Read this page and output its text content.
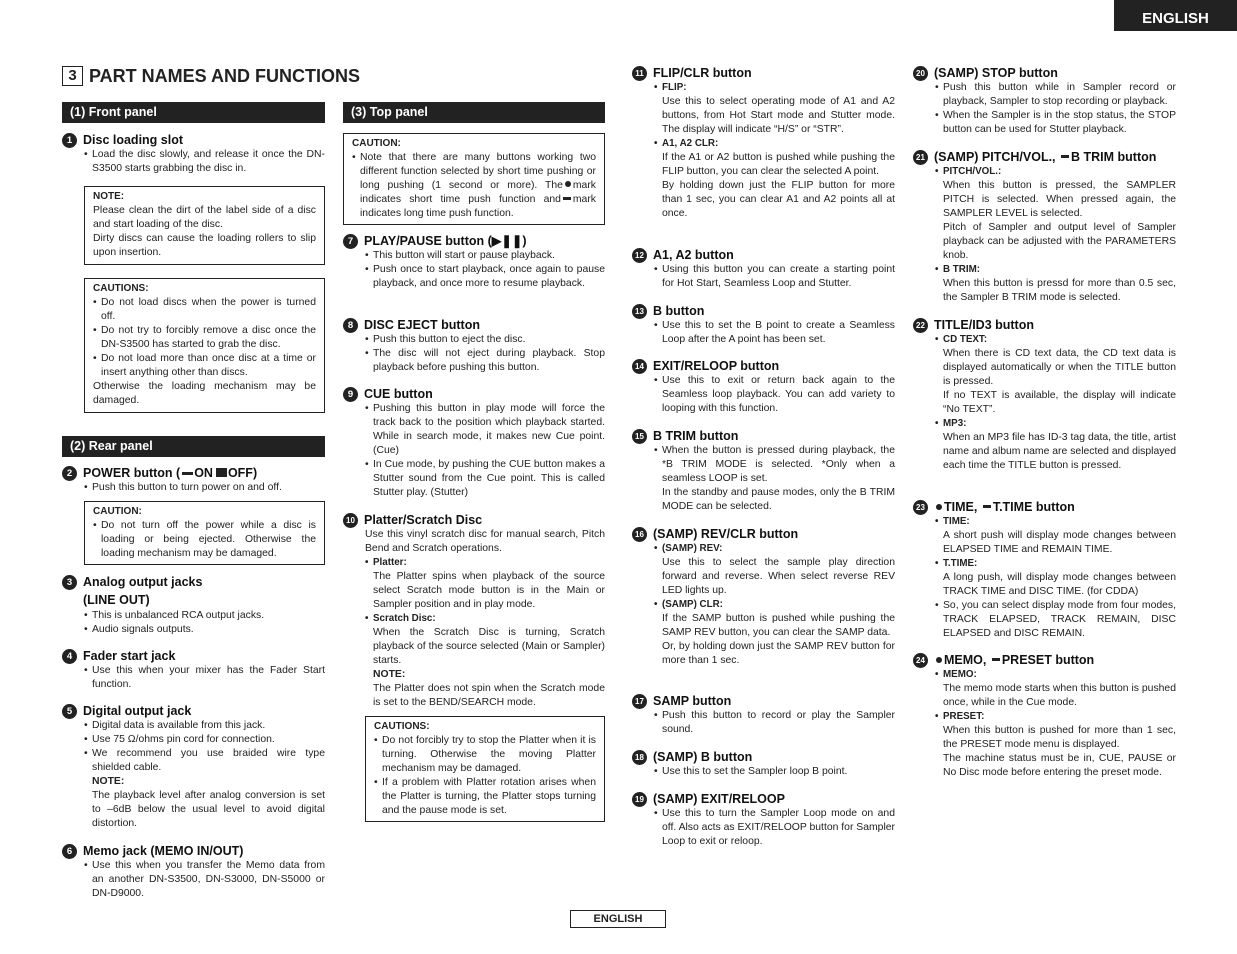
ENGLISH
3 PART NAMES AND FUNCTIONS
(1) Front panel
1 Disc loading slot
• Load the disc slowly, and release it once the DN-S3500 starts grabbing the disc in.
NOTE:
Please clean the dirt of the label side of a disc and start loading of the disc.
Dirty discs can cause the loading rollers to slip upon insertion.
CAUTIONS:
• Do not load discs when the power is turned off.
• Do not try to forcibly remove a disc once the DN-S3500 has started to grab the disc.
• Do not load more than once disc at a time or insert anything other than discs.
Otherwise the loading mechanism may be damaged.
(2) Rear panel
2 POWER button ( ON OFF)
• Push this button to turn power on and off.
CAUTION:
• Do not turn off the power while a disc is loading or being ejected. Otherwise the loading mechanism may be damaged.
3 Analog output jacks
(LINE OUT)
• This is unbalanced RCA output jacks.
• Audio signals outputs.
4 Fader start jack
• Use this when your mixer has the Fader Start function.
5 Digital output jack
• Digital data is available from this jack.
• Use 75 Ω/ohms pin cord for connection.
• We recommend you use braided wire type shielded cable.
NOTE:
The playback level after analog conversion is set to –6dB below the usual level to avoid digital distortion.
6 Memo jack (MEMO IN/OUT)
• Use this when you transfer the Memo data from an another DN-S3500, DN-S3000, DN-S5000 or DN-D9000.
(3) Top panel
CAUTION:
• Note that there are many buttons working two different function selected by short time pushing or long pushing (1 second or more). The mark indicates short time push function and mark indicates long time push function.
7 PLAY/PAUSE button (▶❚❚)
• This button will start or pause playback.
• Push once to start playback, once again to pause playback, and once more to resume playback.
8 DISC EJECT button
• Push this button to eject the disc.
• The disc will not eject during playback. Stop playback before pushing this button.
9 CUE button
• Pushing this button in play mode will force the track back to the position which playback started. While in search mode, it makes new Cue point. (Cue)
• In Cue mode, by pushing the CUE button makes a Stutter sound from the Cue point. This is called Stutter play. (Stutter)
10 Platter/Scratch Disc
Use this vinyl scratch disc for manual search, Pitch Bend and Scratch operations.
• Platter:
The Platter spins when playback of the source select Scratch mode button is in the Main or Sampler position and in play mode.
• Scratch Disc:
When the Scratch Disc is turning, Scratch playback of the source selected (Main or Sampler) starts.
NOTE:
The Platter does not spin when the Scratch mode is set to the BEND/SEARCH mode.
CAUTIONS:
• Do not forcibly try to stop the Platter when it is turning. Otherwise the moving Platter mechanism may be damaged.
• If a problem with Platter rotation arises when the Platter is turning, the Platter stops turning and the pause mode is set.
11 FLIP/CLR button
• FLIP:
Use this to select operating mode of A1 and A2 buttons, from Hot Start mode and Stutter mode. The display will indicate “H/S” or “STR”.
• A1, A2 CLR:
If the A1 or A2 button is pushed while pushing the FLIP button, you can clear the selected A point.
By holding down just the FLIP button for more than 1 sec, you can clear A1 and A2 points all at once.
12 A1, A2 button
• Using this button you can create a starting point for Hot Start, Seamless Loop and Stutter.
13 B button
• Use this to set the B point to create a Seamless Loop after the A point has been set.
14 EXIT/RELOOP button
• Use this to exit or return back again to the Seamless loop playback. You can add variety to looping with this function.
15 B TRIM button
• When the button is pressed during playback, the *B TRIM MODE is selected. *Only when a seamless LOOP is set.
In the standby and pause modes, only the B TRIM MODE can be selected.
16 (SAMP) REV/CLR button
• (SAMP) REV:
Use this to select the sample play direction forward and reverse. When select reverse REV LED lights up.
• (SAMP) CLR:
If the SAMP button is pushed while pushing the SAMP REV button, you can clear the SAMP data.
Or, by holding down just the SAMP REV button for more than 1 sec.
17 SAMP button
• Push this button to record or play the Sampler sound.
18 (SAMP) B button
• Use this to set the Sampler loop B point.
19 (SAMP) EXIT/RELOOP
• Use this to turn the Sampler Loop mode on and off. Also acts as EXIT/RELOOP button for Sampler Loop to exit or reloop.
20 (SAMP) STOP button
• Push this button while in Sampler record or playback, Sampler to stop recording or playback.
• When the Sampler is in the stop status, the STOP button can be used for Stutter playback.
21 (SAMP) PITCH/VOL., B TRIM button
• PITCH/VOL.:
When this button is pressed, the SAMPLER PITCH is selected. When pressed again, the SAMPLER LEVEL is selected.
Pitch of Sampler and output level of Sampler playback can be adjusted with the PARAMETERS knob.
• B TRIM:
When this button is pressd for more than 0.5 sec, the Sampler B TRIM mode is selected.
22 TITLE/ID3 button
• CD TEXT:
When there is CD text data, the CD text data is displayed automatically or when the TITLE button is pressed.
If no TEXT is available, the display will indicate “No TEXT”.
• MP3:
When an MP3 file has ID-3 tag data, the title, artist name and album name are selected and displayed each time the TITLE button is pressed.
23 TIME, T.TIME button
• TIME:
A short push will display mode changes between ELAPSED TIME and REMAIN TIME.
• T.TIME:
A long push, will display mode changes between TRACK TIME and DISC TIME. (for CDDA)
• So, you can select display mode from four modes, TRACK ELAPSED, TRACK REMAIN, DISC ELAPSED and DISC REMAIN.
24 MEMO, PRESET button
• MEMO:
The memo mode starts when this button is pushed once, while in the Cue mode.
• PRESET:
When this button is pushed for more than 1 sec, the PRESET mode menu is displayed.
The machine status must be in, CUE, PAUSE or No Disc mode before entering the preset mode.
ENGLISH
